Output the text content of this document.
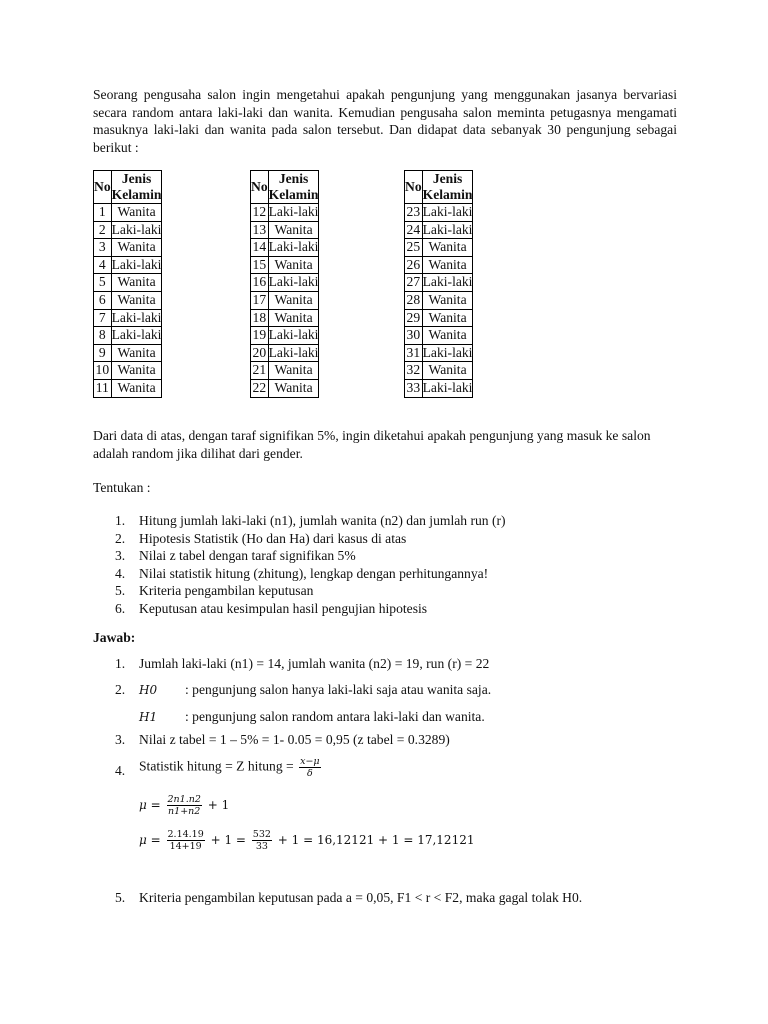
Seorang pengusaha salon ingin mengetahui apakah pengunjung yang menggunakan jasanya bervariasi secara random antara laki-laki dan wanita. Kemudian pengusaha salon meminta petugasnya mengamati masuknya laki-laki dan wanita pada salon tersebut. Dan didapat data sebanyak 30 pengunjung sebagai berikut :

No	Jenis Kelamin
1	Wanita
2	Laki-laki
3	Wanita
4	Laki-laki
5	Wanita
6	Wanita
7	Laki-laki
8	Laki-laki
9	Wanita
10	Wanita
11	Wanita
No	Jenis Kelamin
12	Laki-laki
13	Wanita
14	Laki-laki
15	Wanita
16	Laki-laki
17	Wanita
18	Wanita
19	Laki-laki
20	Laki-laki
21	Wanita
22	Wanita
No	Jenis Kelamin
23	Laki-laki
24	Laki-laki
25	Wanita
26	Wanita
27	Laki-laki
28	Wanita
29	Wanita
30	Wanita
31	Laki-laki
32	Wanita
33	Laki-laki

Dari data di atas, dengan taraf signifikan 5%, ingin diketahui apakah pengunjung yang masuk ke salon adalah random jika dilihat dari gender.

Tentukan :

1. Hitung jumlah laki-laki (n1), jumlah wanita (n2) dan jumlah run (r)
2. Hipotesis Statistik (Ho dan Ha) dari kasus di atas
3. Nilai z tabel dengan taraf signifikan 5%
4. Nilai statistik hitung (zhitung), lengkap dengan perhitungannya!
5. Kriteria pengambilan keputusan
6. Keputusan atau kesimpulan hasil pengujian hipotesis

Jawab:

1. Jumlah laki-laki (n1) = 14, jumlah wanita (n2) = 19, run (r) = 22
2. H0 : pengunjung salon hanya laki-laki saja atau wanita saja.
H1 : pengunjung salon random antara laki-laki dan wanita.
3. Nilai z tabel = 1 – 5% = 1- 0.05 = 0,95 (z tabel = 0.3289)
4. Statistik hitung = Z hitung = $\frac{x-\mu}{\delta}$
$\mu = \frac{2n1.n2}{n1+n2} + 1$
$\mu = \frac{2.14.19}{14+19} + 1 = \frac{532}{33} + 1 = 16,12121 + 1 = 17,12121$
5. Kriteria pengambilan keputusan pada a = 0,05, F1 < r < F2, maka gagal tolak H0.
